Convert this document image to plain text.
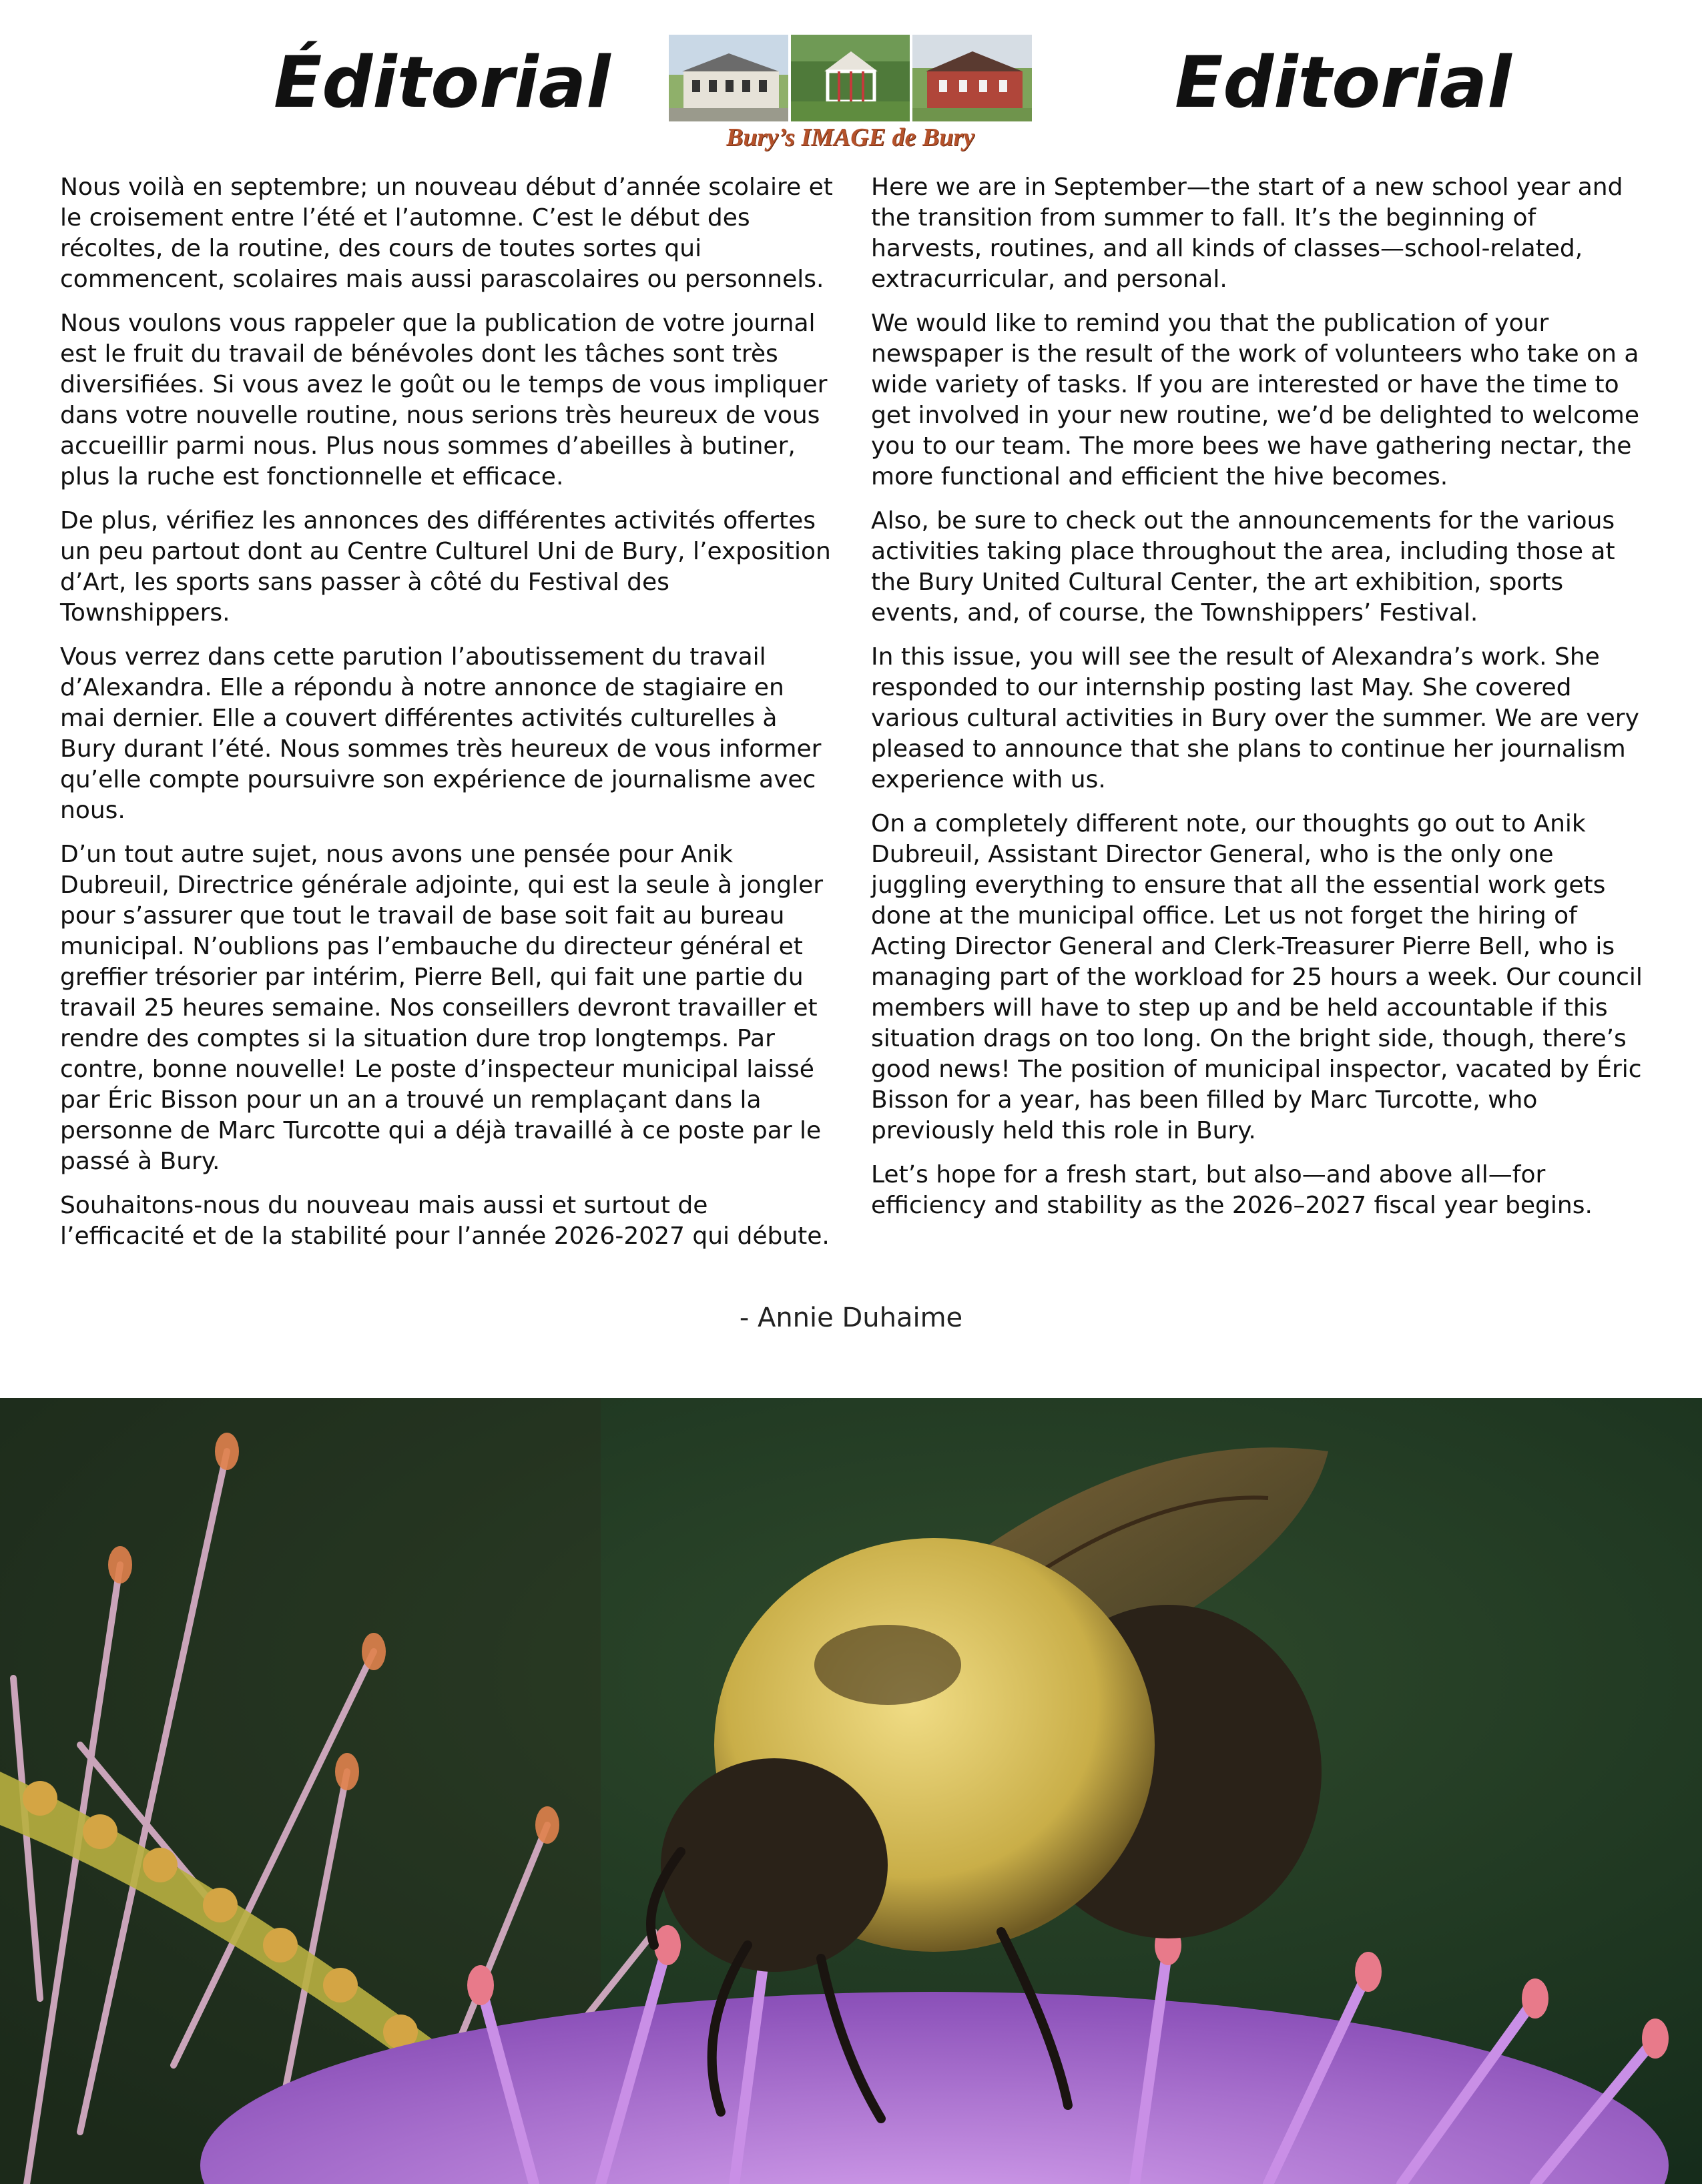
Éditorial
Bury’s IMAGE de Bury
Editorial

Nous voilà en septembre; un nouveau début d’année scolaire et le croisement entre l’été et l’automne. C’est le début des récoltes, de la routine, des cours de toutes sortes qui commencent, scolaires mais aussi parascolaires ou personnels.

Nous voulons vous rappeler que la publication de votre journal est le fruit du travail de bénévoles dont les tâches sont très diversifiées. Si vous avez le goût ou le temps de vous impliquer dans votre nouvelle routine, nous serions très heureux de vous accueillir parmi nous. Plus nous sommes d’abeilles à butiner, plus la ruche est fonctionnelle et efficace.

De plus, vérifiez les annonces des différentes activités offertes un peu partout dont au Centre Culturel Uni de Bury, l’exposition d’Art, les sports sans passer à côté du Festival des Townshippers.

Vous verrez dans cette parution l’aboutissement du travail d’Alexandra. Elle a répondu à notre annonce de stagiaire en mai dernier. Elle a couvert différentes activités culturelles à Bury durant l’été. Nous sommes très heureux de vous informer qu’elle compte poursuivre son expérience de journalisme avec nous.

D’un tout autre sujet, nous avons une pensée pour Anik Dubreuil, Directrice générale adjointe, qui est la seule à jongler pour s’assurer que tout le travail de base soit fait au bureau municipal. N’oublions pas l’embauche du directeur général et greffier trésorier par intérim, Pierre Bell, qui fait une partie du travail 25 heures semaine. Nos conseillers devront travailler et rendre des comptes si la situation dure trop longtemps. Par contre, bonne nouvelle! Le poste d’inspecteur municipal laissé par Éric Bisson pour un an a trouvé un remplaçant dans la personne de Marc Turcotte qui a déjà travaillé à ce poste par le passé à Bury.

Souhaitons-nous du nouveau mais aussi et surtout de l’efficacité et de la stabilité pour l’année 2026-2027 qui débute.

Here we are in September—the start of a new school year and the transition from summer to fall. It’s the beginning of harvests, routines, and all kinds of classes—school-related, extracurricular, and personal.

We would like to remind you that the publication of your newspaper is the result of the work of volunteers who take on a wide variety of tasks. If you are interested or have the time to get involved in your new routine, we’d be delighted to welcome you to our team. The more bees we have gathering nectar, the more functional and efficient the hive becomes.

Also, be sure to check out the announcements for the various activities taking place throughout the area, including those at the Bury United Cultural Center, the art exhibition, sports events, and, of course, the Townshippers’ Festival.

In this issue, you will see the result of Alexandra’s work. She responded to our internship posting last May. She covered various cultural activities in Bury over the summer. We are very pleased to announce that she plans to continue her journalism experience with us.

On a completely different note, our thoughts go out to Anik Dubreuil, Assistant Director General, who is the only one juggling everything to ensure that all the essential work gets done at the municipal office. Let us not forget the hiring of Acting Director General and Clerk-Treasurer Pierre Bell, who is managing part of the workload for 25 hours a week. Our council members will have to step up and be held accountable if this situation drags on too long. On the bright side, though, there’s good news! The position of municipal inspector, vacated by Éric Bisson for a year, has been filled by Marc Turcotte, who previously held this role in Bury.

Let’s hope for a fresh start, but also—and above all—for efficiency and stability as the 2026–2027 fiscal year begins.

- Annie Duhaime
